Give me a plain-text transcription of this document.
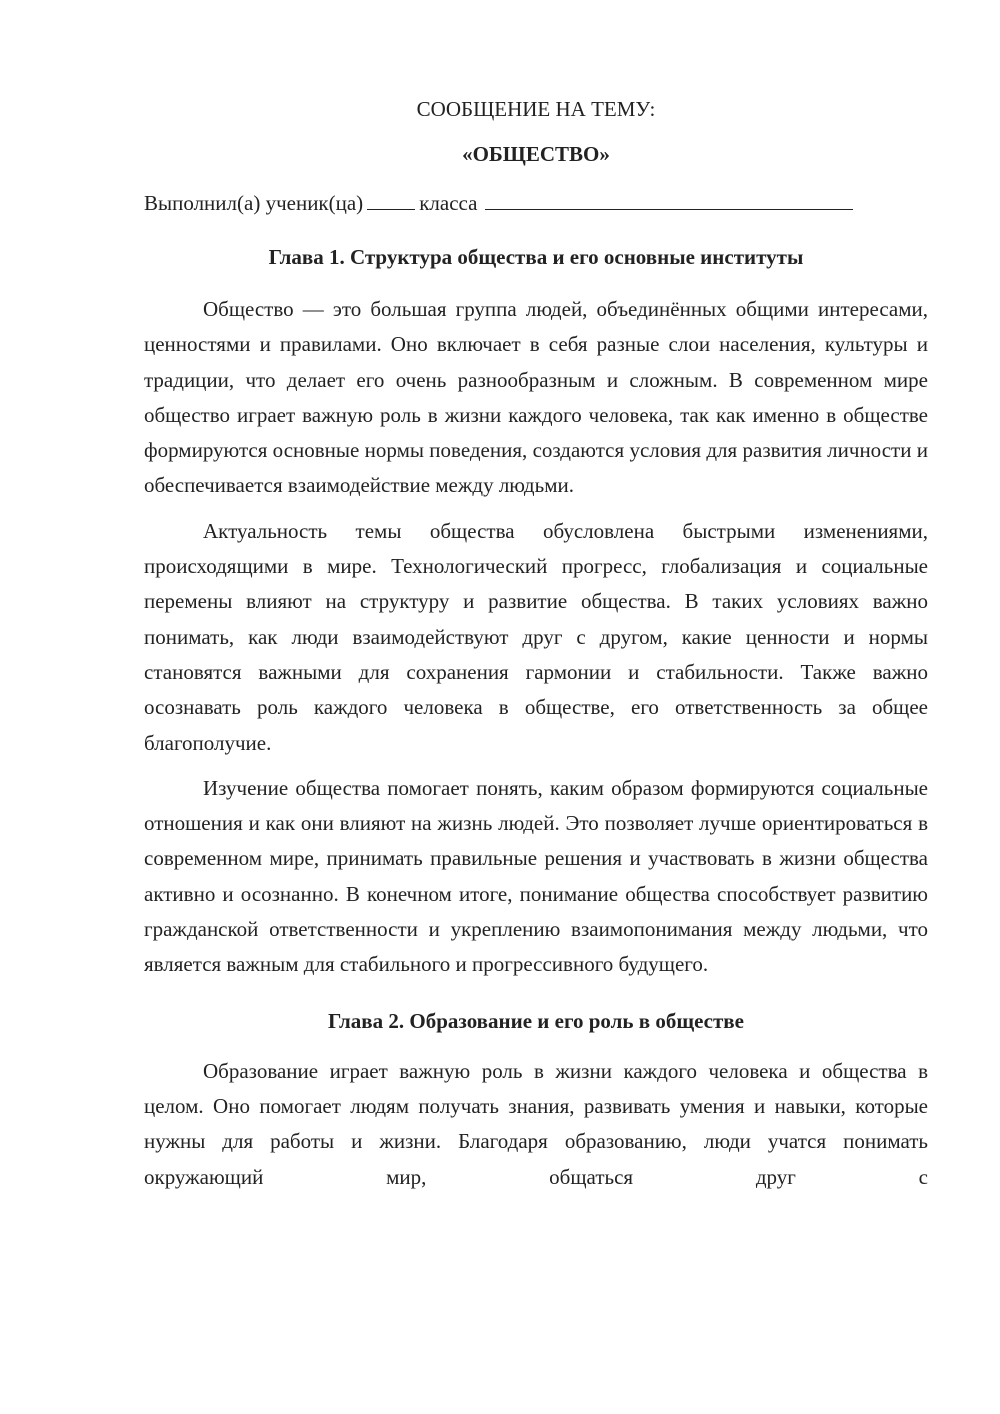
СООБЩЕНИЕ НА ТЕМУ:
«ОБЩЕСТВО»
Выполнил(а) ученик(ца)	класса
Глава 1. Структура общества и его основные институты

Общество — это большая группа людей, объединённых общими интересами, ценностями и правилами. Оно включает в себя разные слои населения, культуры и традиции, что делает его очень разнообразным и сложным. В современном мире общество играет важную роль в жизни каждого человека, так как именно в обществе формируются основные нормы поведения, создаются условия для развития личности и обеспечивается взаимодействие между людьми.

Актуальность темы общества обусловлена быстрыми изменениями, происходящими в мире. Технологический прогресс, глобализация и социальные перемены влияют на структуру и развитие общества. В таких условиях важно понимать, как люди взаимодействуют друг с другом, какие ценности и нормы становятся важными для сохранения гармонии и стабильности. Также важно осознавать роль каждого человека в обществе, его ответственность за общее благополучие.

Изучение общества помогает понять, каким образом формируются социальные отношения и как они влияют на жизнь людей. Это позволяет лучше ориентироваться в современном мире, принимать правильные решения и участвовать в жизни общества активно и осознанно. В конечном итоге, понимание общества способствует развитию гражданской ответственности и укреплению взаимопонимания между людьми, что является важным для стабильного и прогрессивного будущего.

Глава 2. Образование и его роль в обществе

Образование играет важную роль в жизни каждого человека и общества в целом. Оно помогает людям получать знания, развивать умения и навыки, которые нужны для работы и жизни. Благодаря образованию, люди учатся понимать окружающий мир, общаться друг с
